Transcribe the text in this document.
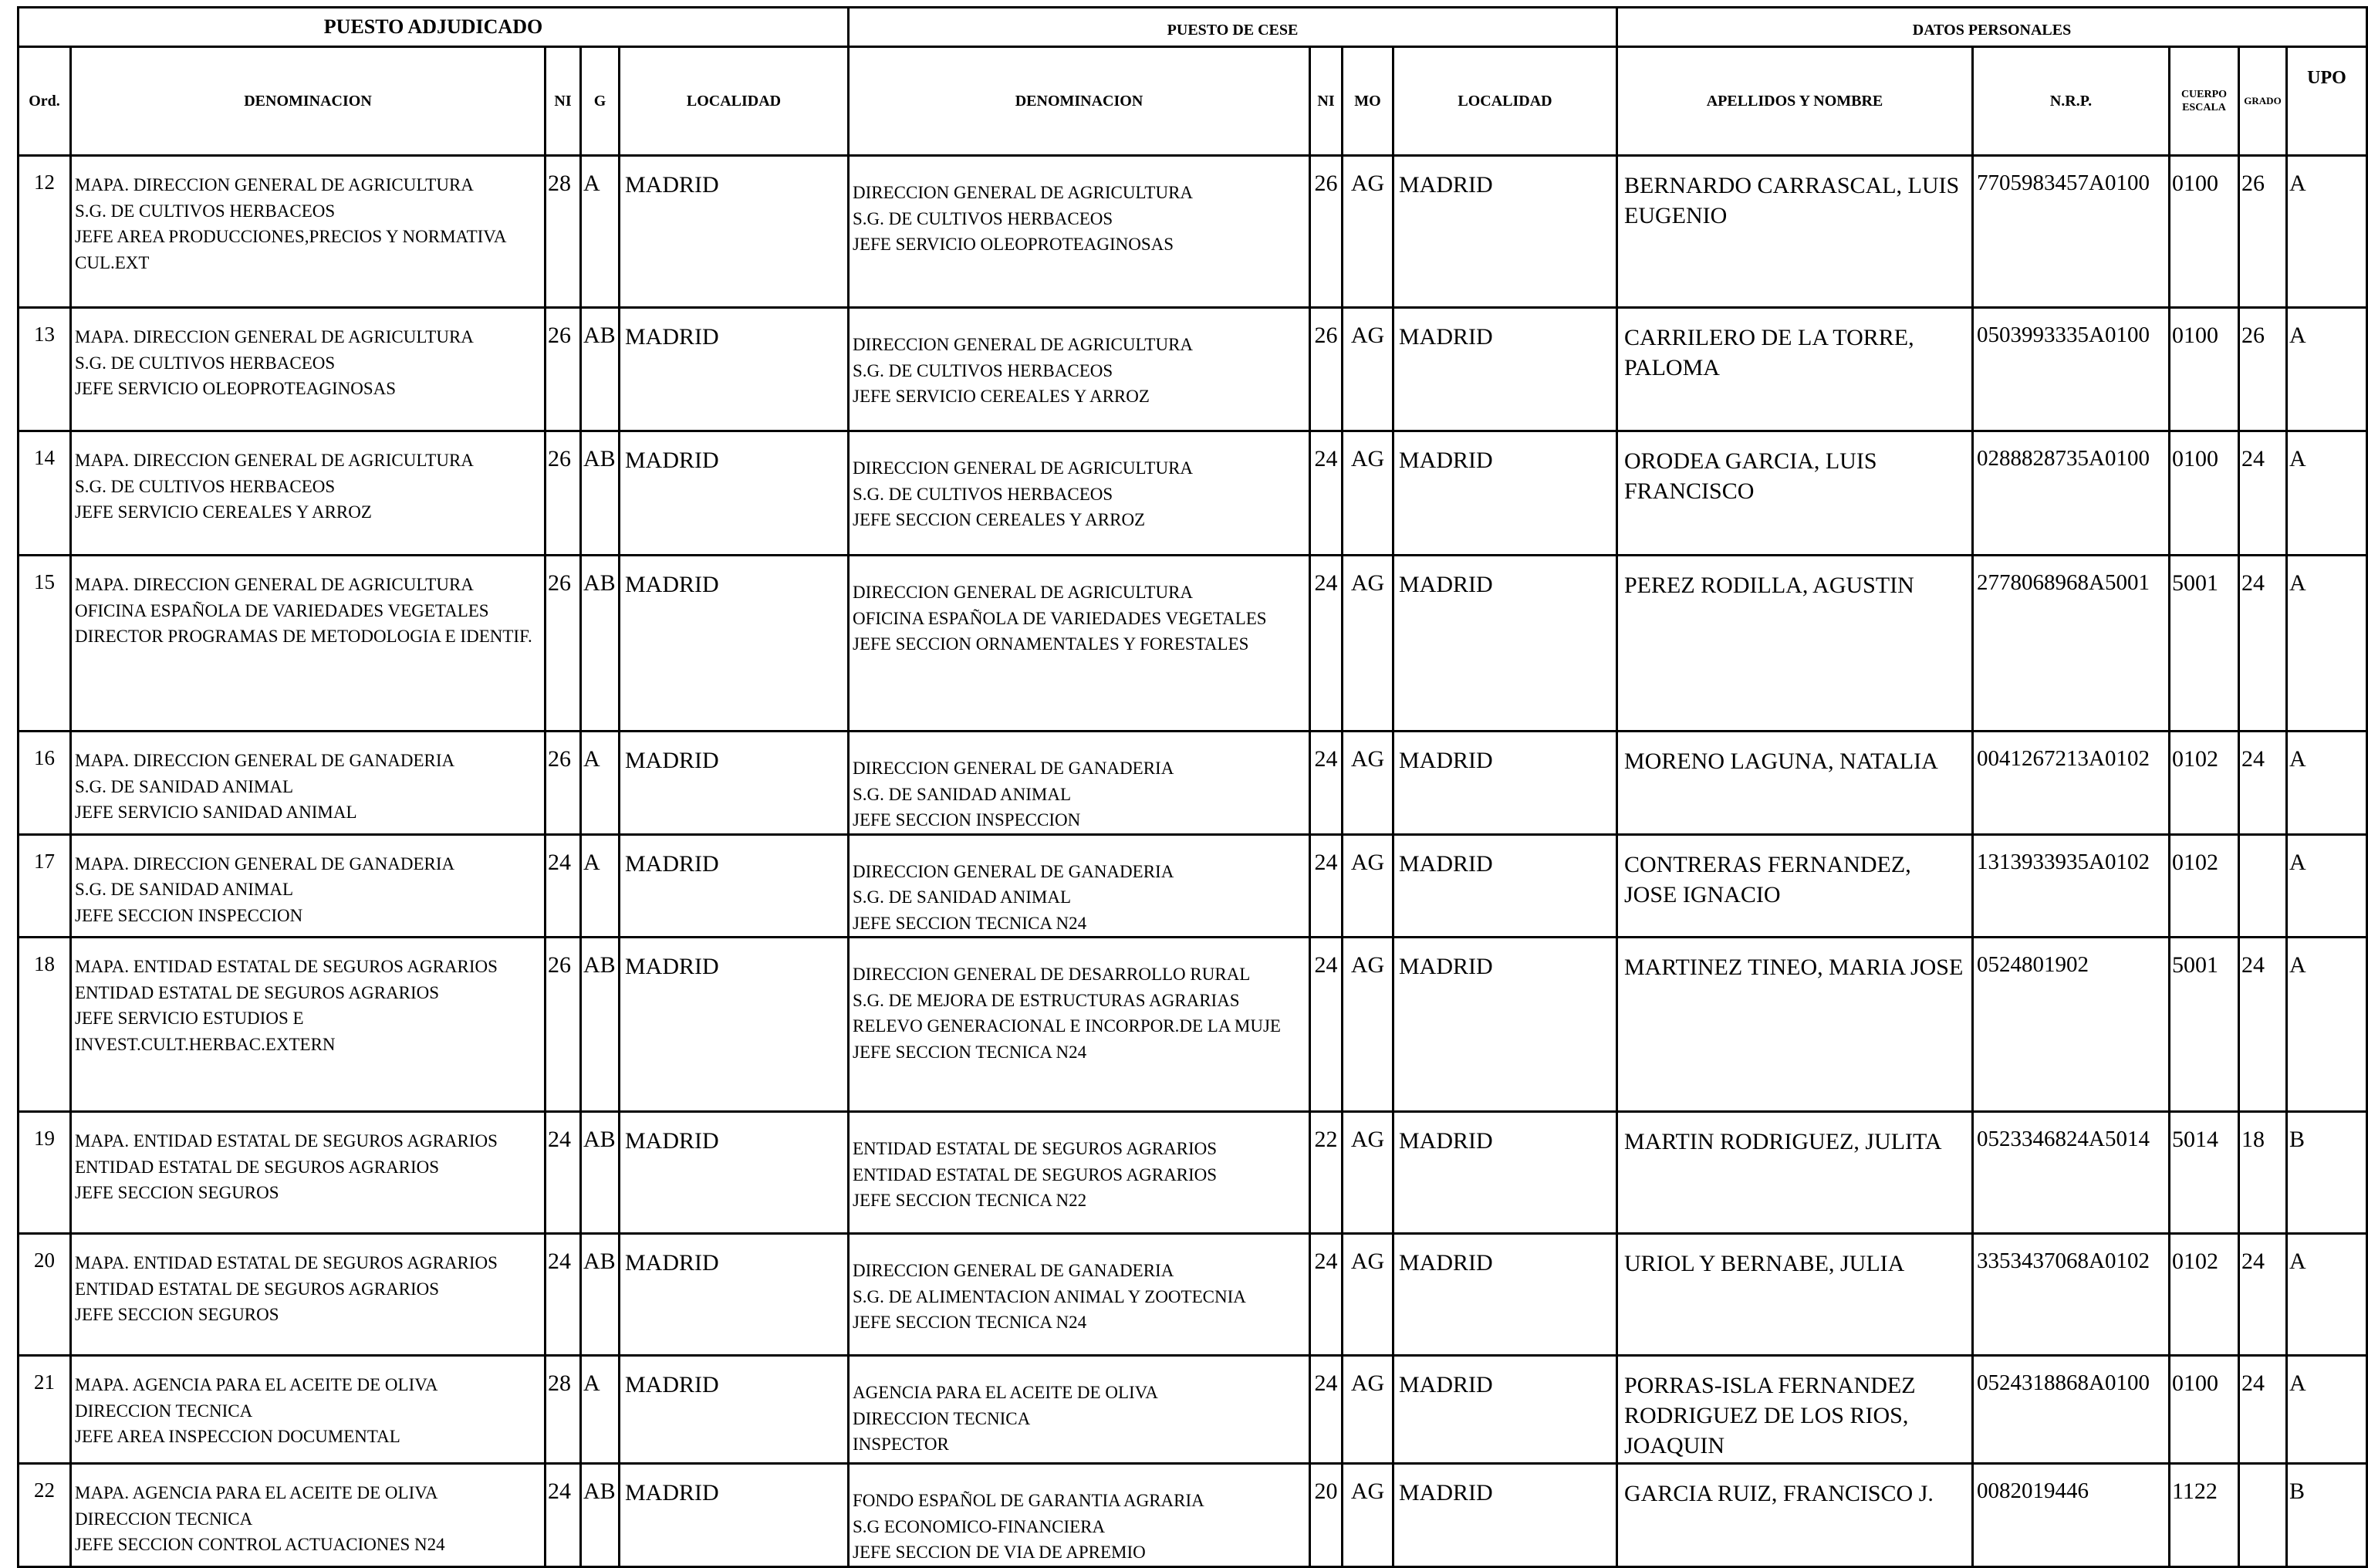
PUESTO ADJUDICADO					PUESTO DE CESE				DATOS PERSONALES				
Ord.	DENOMINACION	NI	G	LOCALIDAD	DENOMINACION	NI	MO	LOCALIDAD	APELLIDOS Y NOMBRE	N.R.P.	CUERPO ESCALA	GRADO	UPO
12	MAPA. DIRECCION GENERAL DE AGRICULTURA
S.G. DE CULTIVOS HERBACEOS
JEFE AREA PRODUCCIONES,PRECIOS Y NORMATIVA CUL.EXT	28	A	MADRID	DIRECCION GENERAL DE AGRICULTURA
S.G. DE CULTIVOS HERBACEOS
JEFE SERVICIO OLEOPROTEAGINOSAS	26	AG	MADRID	BERNARDO CARRASCAL, LUIS EUGENIO	7705983457A0100	0100	26	A
13	MAPA. DIRECCION GENERAL DE AGRICULTURA
S.G. DE CULTIVOS HERBACEOS
JEFE SERVICIO OLEOPROTEAGINOSAS	26	AB	MADRID	DIRECCION GENERAL DE AGRICULTURA
S.G. DE CULTIVOS HERBACEOS
JEFE SERVICIO CEREALES Y ARROZ	26	AG	MADRID	CARRILERO DE LA TORRE, PALOMA	0503993335A0100	0100	26	A
14	MAPA. DIRECCION GENERAL DE AGRICULTURA
S.G. DE CULTIVOS HERBACEOS
JEFE SERVICIO CEREALES Y ARROZ	26	AB	MADRID	DIRECCION GENERAL DE AGRICULTURA
S.G. DE CULTIVOS HERBACEOS
JEFE SECCION CEREALES Y ARROZ	24	AG	MADRID	ORODEA GARCIA, LUIS FRANCISCO	0288828735A0100	0100	24	A
15	MAPA. DIRECCION GENERAL DE AGRICULTURA
OFICINA ESPAÑOLA DE VARIEDADES VEGETALES
DIRECTOR PROGRAMAS DE METODOLOGIA E IDENTIF.	26	AB	MADRID	DIRECCION GENERAL DE AGRICULTURA
OFICINA ESPAÑOLA DE VARIEDADES VEGETALES
JEFE SECCION ORNAMENTALES Y FORESTALES	24	AG	MADRID	PEREZ RODILLA, AGUSTIN	2778068968A5001	5001	24	A
16	MAPA. DIRECCION GENERAL DE GANADERIA
S.G. DE SANIDAD ANIMAL
JEFE SERVICIO SANIDAD ANIMAL	26	A	MADRID	DIRECCION GENERAL DE GANADERIA
S.G. DE SANIDAD ANIMAL
JEFE SECCION INSPECCION	24	AG	MADRID	MORENO LAGUNA, NATALIA	0041267213A0102	0102	24	A
17	MAPA. DIRECCION GENERAL DE GANADERIA
S.G. DE SANIDAD ANIMAL
JEFE SECCION INSPECCION	24	A	MADRID	DIRECCION GENERAL DE GANADERIA
S.G. DE SANIDAD ANIMAL
JEFE SECCION TECNICA N24	24	AG	MADRID	CONTRERAS FERNANDEZ, JOSE IGNACIO	1313933935A0102	0102		A
18	MAPA. ENTIDAD ESTATAL DE SEGUROS AGRARIOS
ENTIDAD ESTATAL DE SEGUROS AGRARIOS
JEFE SERVICIO ESTUDIOS E INVEST.CULT.HERBAC.EXTERN	26	AB	MADRID	DIRECCION GENERAL DE DESARROLLO RURAL
S.G. DE MEJORA DE ESTRUCTURAS AGRARIAS
RELEVO GENERACIONAL E INCORPOR.DE LA MUJE
JEFE SECCION TECNICA N24	24	AG	MADRID	MARTINEZ TINEO, MARIA JOSE	0524801902	5001	24	A
19	MAPA. ENTIDAD ESTATAL DE SEGUROS AGRARIOS
ENTIDAD ESTATAL DE SEGUROS AGRARIOS
JEFE SECCION SEGUROS	24	AB	MADRID	ENTIDAD ESTATAL DE SEGUROS AGRARIOS
ENTIDAD ESTATAL DE SEGUROS AGRARIOS
JEFE SECCION TECNICA N22	22	AG	MADRID	MARTIN RODRIGUEZ, JULITA	0523346824A5014	5014	18	B
20	MAPA. ENTIDAD ESTATAL DE SEGUROS AGRARIOS
ENTIDAD ESTATAL DE SEGUROS AGRARIOS
JEFE SECCION SEGUROS	24	AB	MADRID	DIRECCION GENERAL DE GANADERIA
S.G. DE ALIMENTACION ANIMAL Y ZOOTECNIA
JEFE SECCION TECNICA N24	24	AG	MADRID	URIOL Y BERNABE, JULIA	3353437068A0102	0102	24	A
21	MAPA. AGENCIA PARA EL ACEITE DE OLIVA
DIRECCION TECNICA
JEFE AREA INSPECCION DOCUMENTAL	28	A	MADRID	AGENCIA PARA EL ACEITE DE OLIVA
DIRECCION TECNICA
INSPECTOR	24	AG	MADRID	PORRAS-ISLA FERNANDEZ RODRIGUEZ DE LOS RIOS, JOAQUIN	0524318868A0100	0100	24	A
22	MAPA. AGENCIA PARA EL ACEITE DE OLIVA
DIRECCION TECNICA
JEFE SECCION CONTROL ACTUACIONES N24	24	AB	MADRID	FONDO ESPAÑOL DE GARANTIA AGRARIA
S.G ECONOMICO-FINANCIERA
JEFE SECCION DE VIA DE APREMIO	20	AG	MADRID	GARCIA RUIZ, FRANCISCO J.	0082019446	1122		B
